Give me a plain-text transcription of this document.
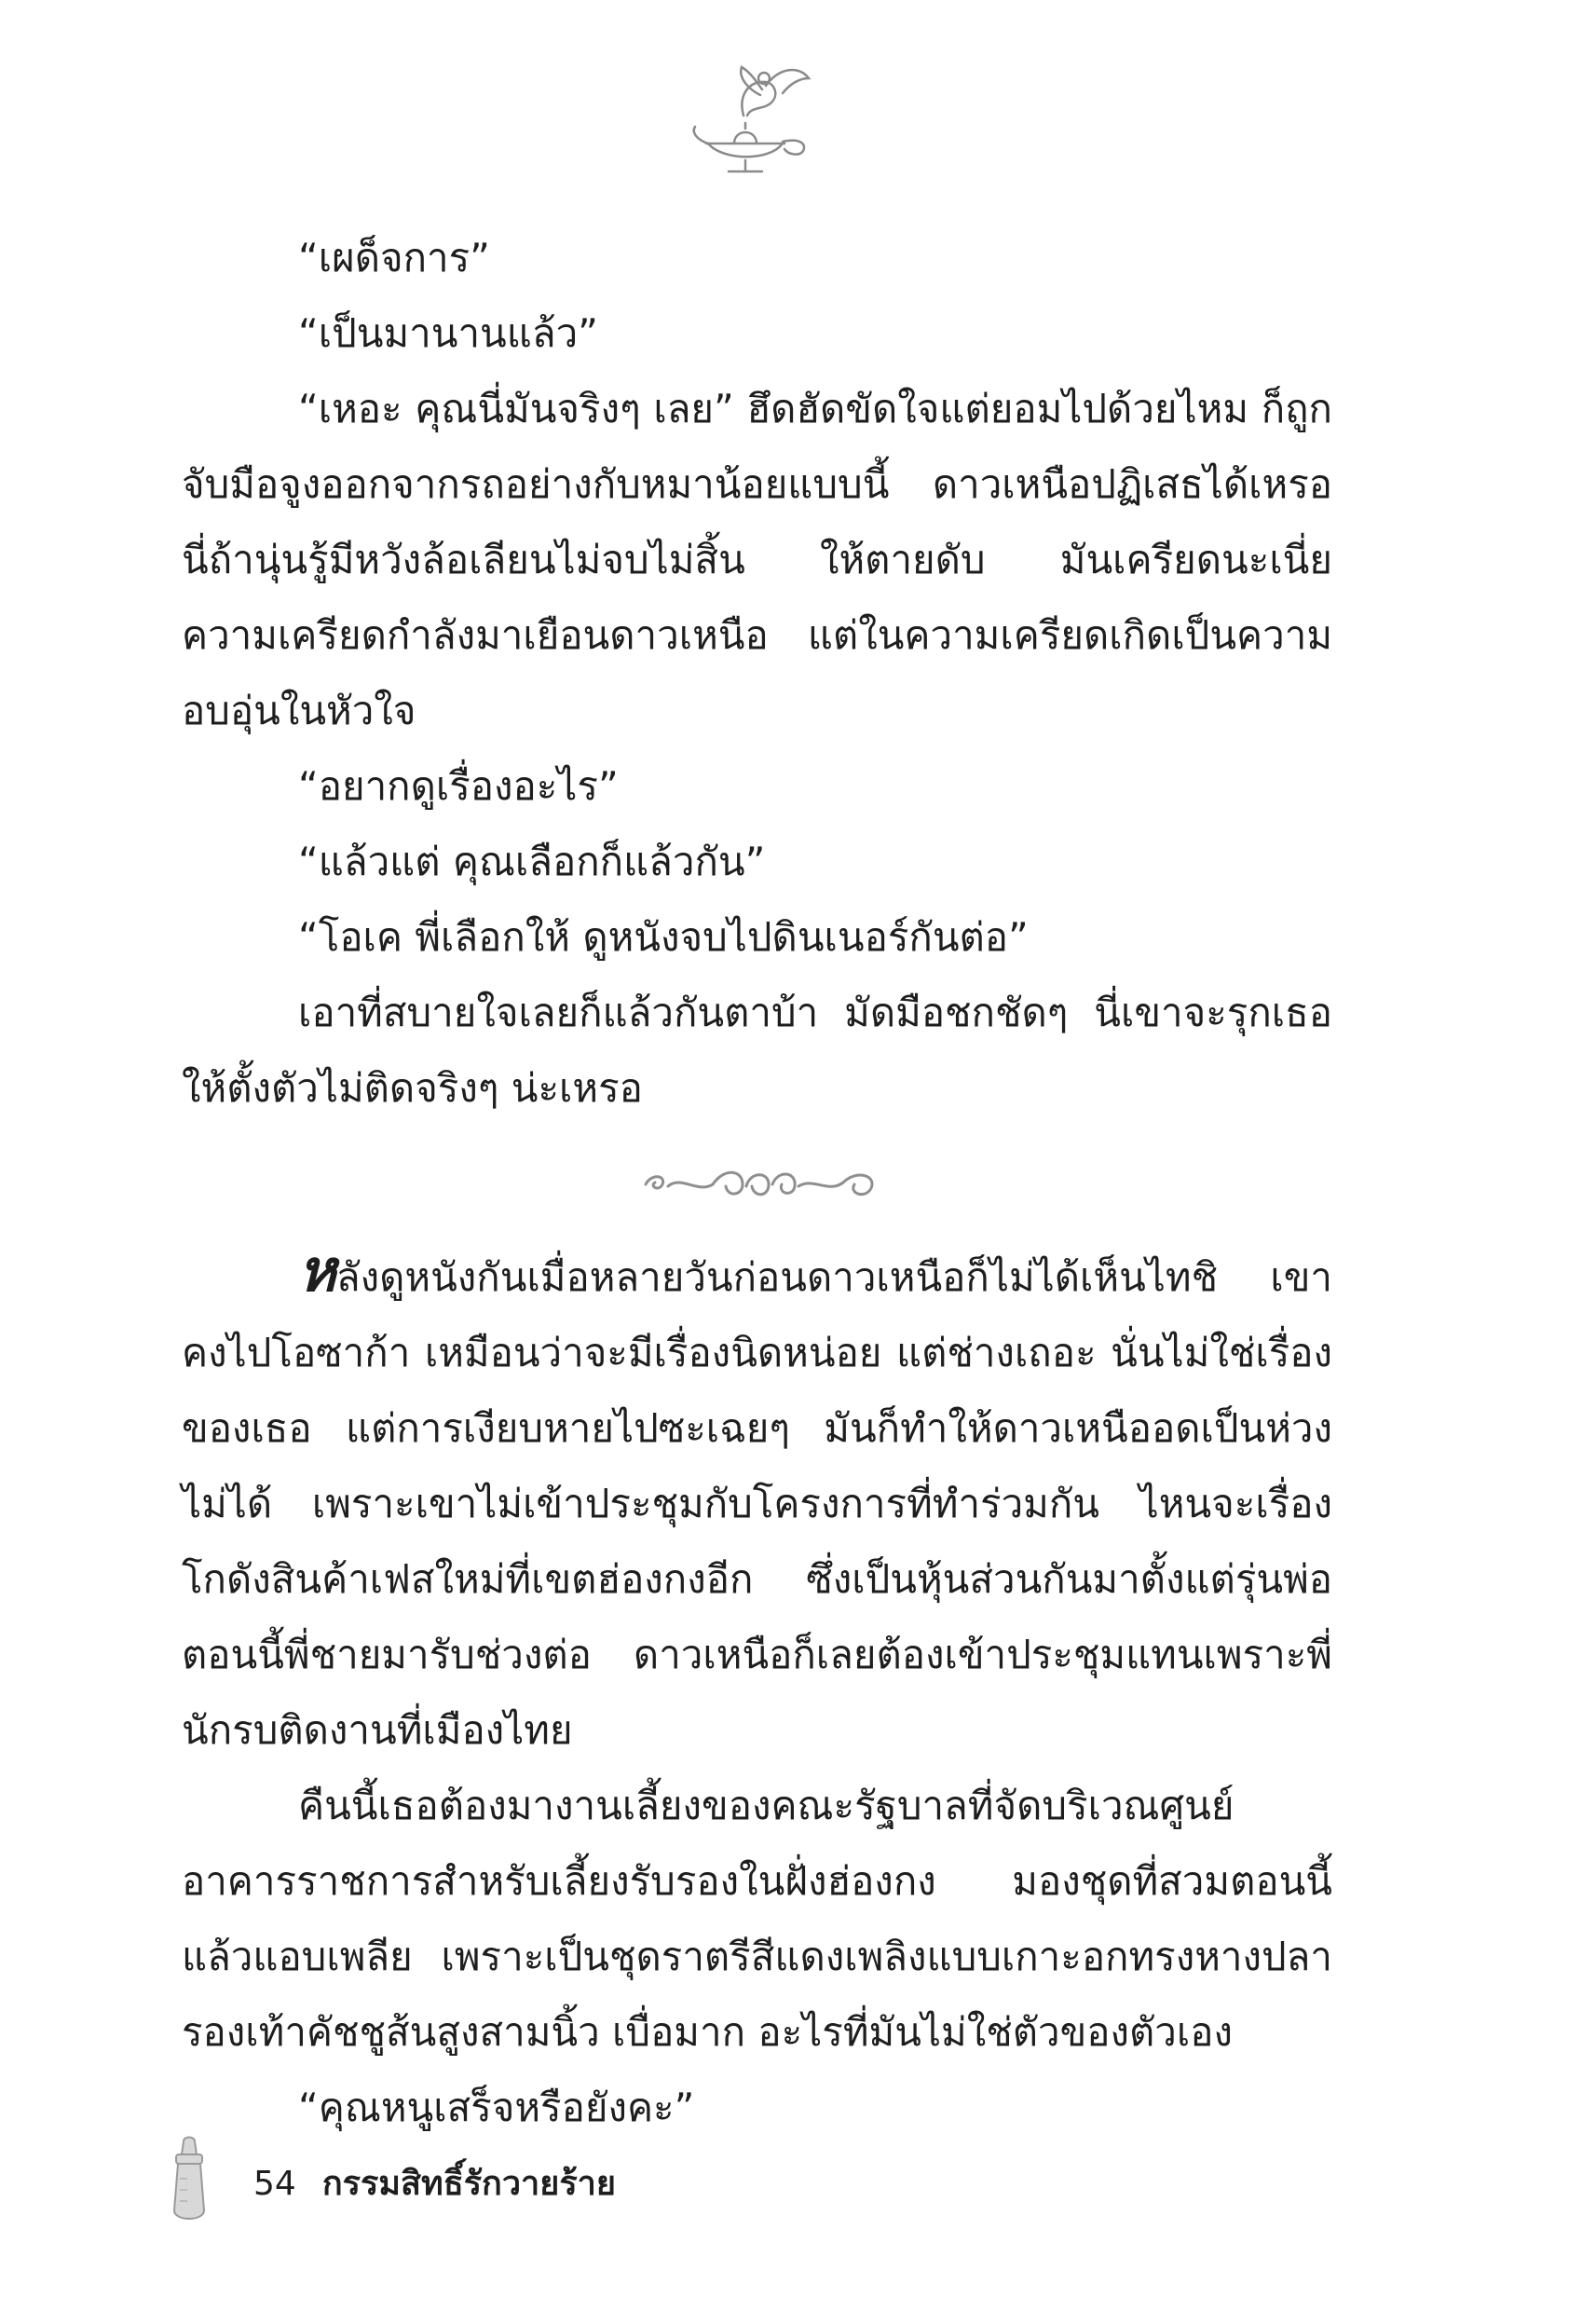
“เผด็จการ”

“เป็นมานานแล้ว”

“เหอะ คุณนี่มันจริงๆ เลย” ฮึดฮัดขัดใจแต่ยอมไปด้วยไหม ก็ถูกจับมือจูงออกจากรถอย่างกับหมาน้อยแบบนี้ ดาวเหนือปฏิเสธได้เหรอ นี่ถ้านุ่นรู้มีหวังล้อเลียนไม่จบไม่สิ้น ให้ตายดับ มันเครียดนะเนี่ย ความเครียดกำลังมาเยือนดาวเหนือ แต่ในความเครียดเกิดเป็นความอบอุ่นในหัวใจ

“อยากดูเรื่องอะไร”

“แล้วแต่ คุณเลือกก็แล้วกัน”

“โอเค พี่เลือกให้ ดูหนังจบไปดินเนอร์กันต่อ”

เอาที่สบายใจเลยก็แล้วกันตาบ้า มัดมือชกชัดๆ นี่เขาจะรุกเธอให้ตั้งตัวไม่ติดจริงๆ น่ะเหรอ

หลังดูหนังกันเมื่อหลายวันก่อนดาวเหนือก็ไม่ได้เห็นไทชิ เขาคงไปโอซาก้า เหมือนว่าจะมีเรื่องนิดหน่อย แต่ช่างเถอะ นั่นไม่ใช่เรื่องของเธอ แต่การเงียบหายไปซะเฉยๆ มันก็ทำให้ดาวเหนืออดเป็นห่วงไม่ได้ เพราะเขาไม่เข้าประชุมกับโครงการที่ทำร่วมกัน ไหนจะเรื่องโกดังสินค้าเฟสใหม่ที่เขตฮ่องกงอีก ซึ่งเป็นหุ้นส่วนกันมาตั้งแต่รุ่นพ่อตอนนี้พี่ชายมารับช่วงต่อ ดาวเหนือก็เลยต้องเข้าประชุมแทนเพราะพี่นักรบติดงานที่เมืองไทย

คืนนี้เธอต้องมางานเลี้ยงของคณะรัฐบาลที่จัดบริเวณศูนย์อาคารราชการสำหรับเลี้ยงรับรองในฝั่งฮ่องกง มองชุดที่สวมตอนนี้แล้วแอบเพลีย เพราะเป็นชุดราตรีสีแดงเพลิงแบบเกาะอกทรงหางปลารองเท้าคัชชูส้นสูงสามนิ้ว เบื่อมาก อะไรที่มันไม่ใช่ตัวของตัวเอง

“คุณหนูเสร็จหรือยังคะ”

54 กรรมสิทธิ์รักวายร้าย
